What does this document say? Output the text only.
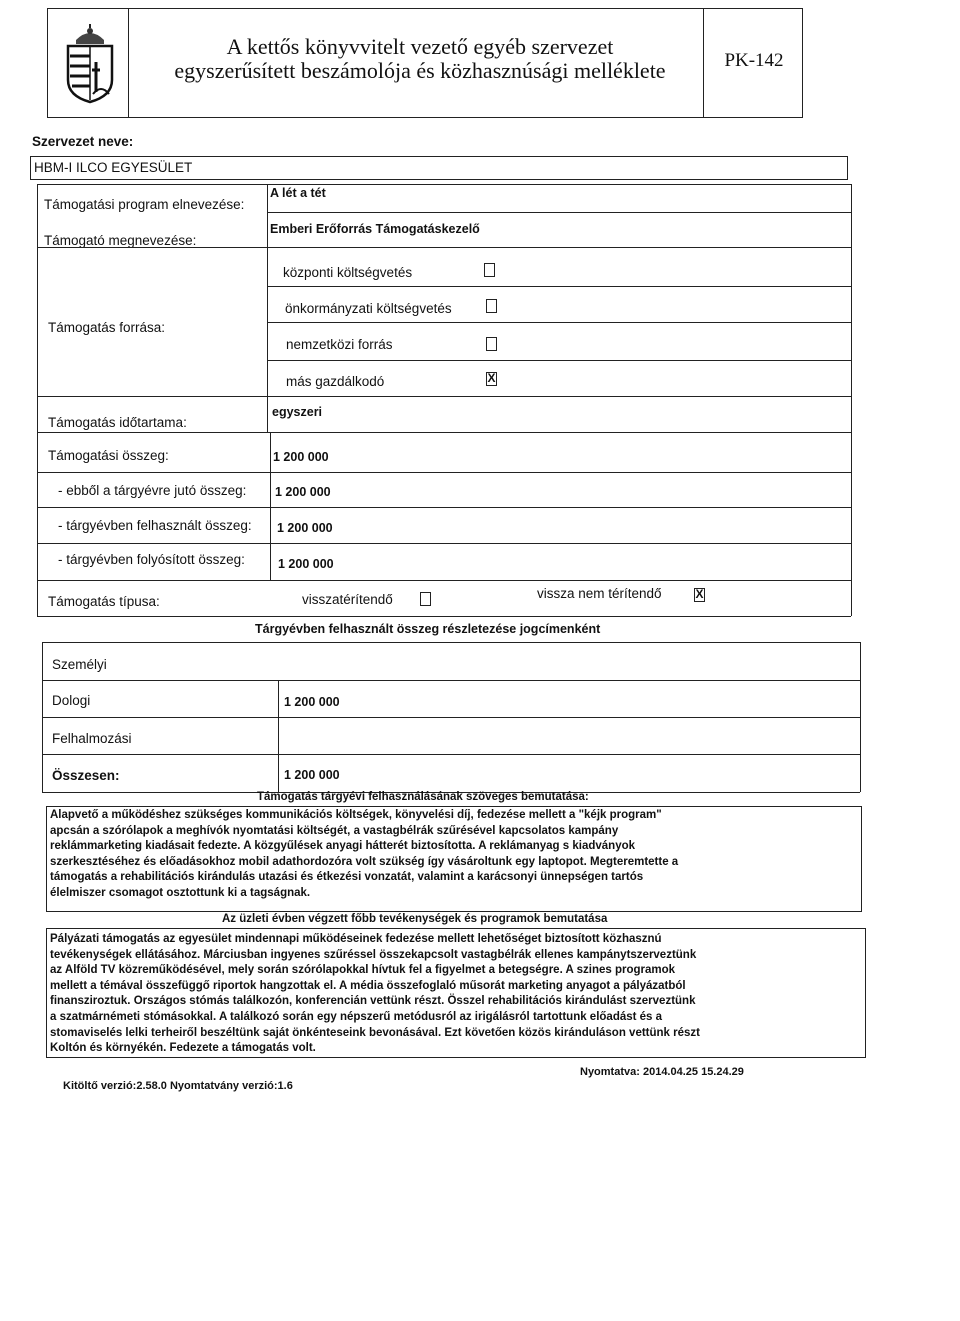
A kettős könyvvitelt vezető egyéb szervezet
egyszerűsített beszámolója és közhasznúsági melléklete	PK-142
Szervezet neve:
HBM-I ILCO EGYESÜLET
Támogatási program elnevezése:
A lét a tét
Támogató megnevezése:
Emberi Erőforrás Támogatáskezelő
Támogatás forrása:
központi költségvetés
önkormányzati költségvetés
nemzetközi forrás
más gazdálkodó	X
Támogatás időtartama:
egyszeri
Támogatási összeg:	1 200 000
- ebből a tárgyévre jutó összeg: 1 200 000
- tárgyévben felhasznált összeg: 1 200 000
- tárgyévben folyósított összeg:	1 200 000
Támogatás típusa:	visszatérítendő	vissza nem térítendő	X
Tárgyévben felhasznált összeg részletezése jogcímenként
Személyi
Dologi	1 200 000
Felhalmozási
Összesen:	1 200 000
Támogatás tárgyévi felhasználásának szöveges bemutatása:
Alapvető a működéshez szükséges kommunikációs költségek, könyvelési díj, fedezése mellett a "kéjk program"
apcsán a szórólapok a meghívók nyomtatási költségét, a vastagbélrák szűrésével kapcsolatos kampány
reklámmarketing kiadásait fedezte. A közgyűlések anyagi hátterét biztosította. A reklámanyag s kiadványok
szerkesztéséhez és előadásokhoz mobil adathordozóra volt szükség így vásároltunk egy laptopot. Megteremtette a
támogatás a rehabilitációs kirándulás utazási és étkezési vonzatát, valamint a karácsonyi ünnepségen tartós
élelmiszer csomagot osztottunk ki a tagságnak.
Az üzleti évben végzett főbb tevékenységek és programok bemutatása
Pályázati támogatás az egyesület mindennapi működéseinek fedezése mellett lehetőséget biztosított közhasznú
tevékenységek ellátásához. Márciusban ingyenes szűréssel összekapcsolt vastagbélrák ellenes kampánytszerveztünk
az Alföld TV közreműködésével, mely során szórólapokkal hívtuk fel a figyelmet a betegségre. A szines programok
mellett a témával összefüggő riportok hangzottak el. A média összefoglaló műsorát marketing anyagot a pályázatból
finansziroztuk. Országos stómás találkozón, konferencián vettünk részt. Összel rehabilitációs kirándulást szerveztünk
a szatmárnémeti stómásokkal. A találkozó során egy népszerű metódusról az irigálásról tartottunk előadást és a
stomaviselés lelki terheiről beszéltünk saját önkénteseink bevonásával. Ezt követően közös kiránduláson vettünk részt
Koltón és környékén. Fedezete a támogatás volt.
Kitöltő verzió:2.58.0 Nyomtatvány verzió:1.6
Nyomtatva: 2014.04.25 15.24.29
